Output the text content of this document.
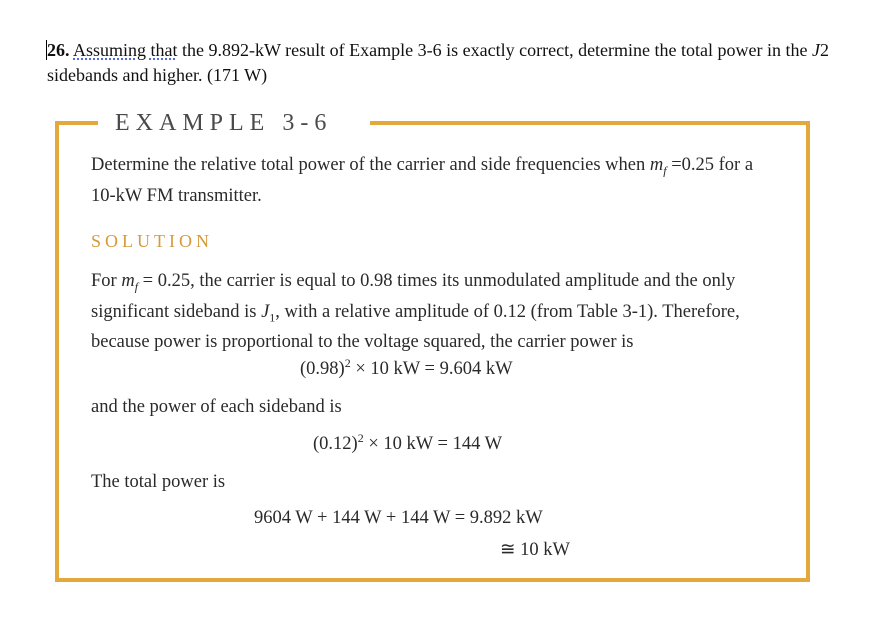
26. Assuming that the 9.892-kW result of Example 3-6 is exactly correct, determine the total power in the J2 sidebands and higher. (171 W)
EXAMPLE 3-6
Determine the relative total power of the carrier and side frequencies when $m_f =0.25$ for a 10-kW FM transmitter.
SOLUTION
For $m_f = 0.25$, the carrier is equal to 0.98 times its unmodulated amplitude and the only significant sideband is $J_1$, with a relative amplitude of 0.12 (from Table 3-1). Therefore, because power is proportional to the voltage squared, the carrier power is
$(0.98)^2 \times 10$ kW = 9.604 kW
and the power of each sideband is
$(0.12)^2 \times 10$ kW = 144 W
The total power is
9604 W + 144 W + 144 W = 9.892 kW
≅ 10 kW
